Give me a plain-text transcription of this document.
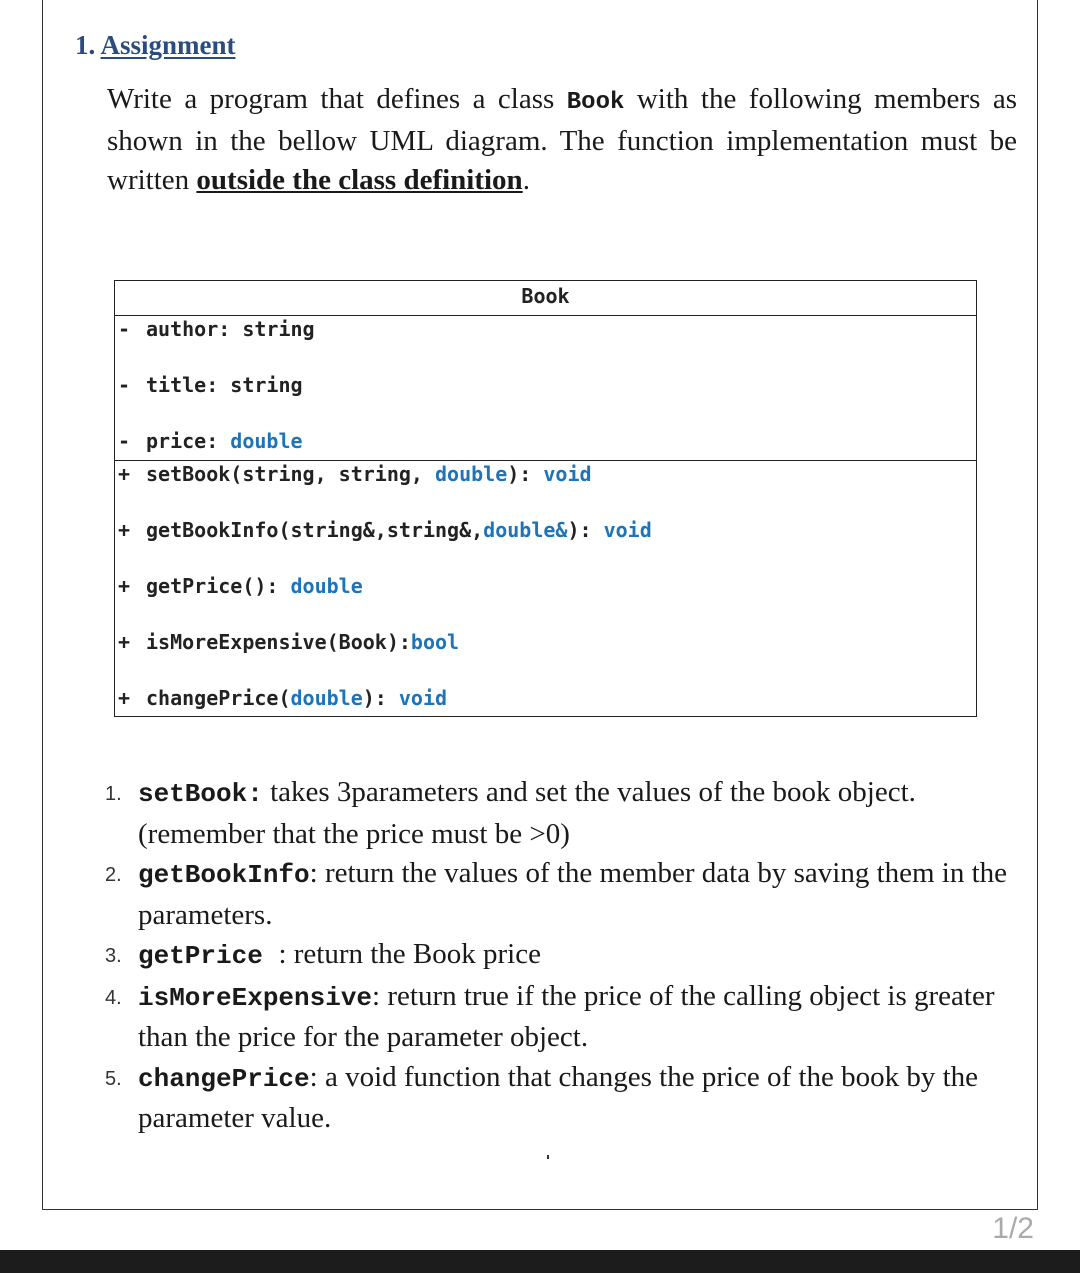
1. Assignment
Write a program that defines a class Book with the following members as shown in the bellow UML diagram. The function implementation must be written outside the class definition.
Book
- author: string
- title: string
- price: double
+ setBook(string, string, double): void
+ getBookInfo(string&,string&,double&): void
+ getPrice(): double
+ isMoreExpensive(Book):bool
+ changePrice(double): void
1. setBook: takes 3parameters and set the values of the book object. (remember that the price must be >0)
2. getBookInfo: return the values of the member data by saving them in the parameters.
3. getPrice : return the Book price
4. isMoreExpensive: return true if the price of the calling object is greater than the price for the parameter object.
5. changePrice: a void function that changes the price of the book by the parameter value.
1/2
